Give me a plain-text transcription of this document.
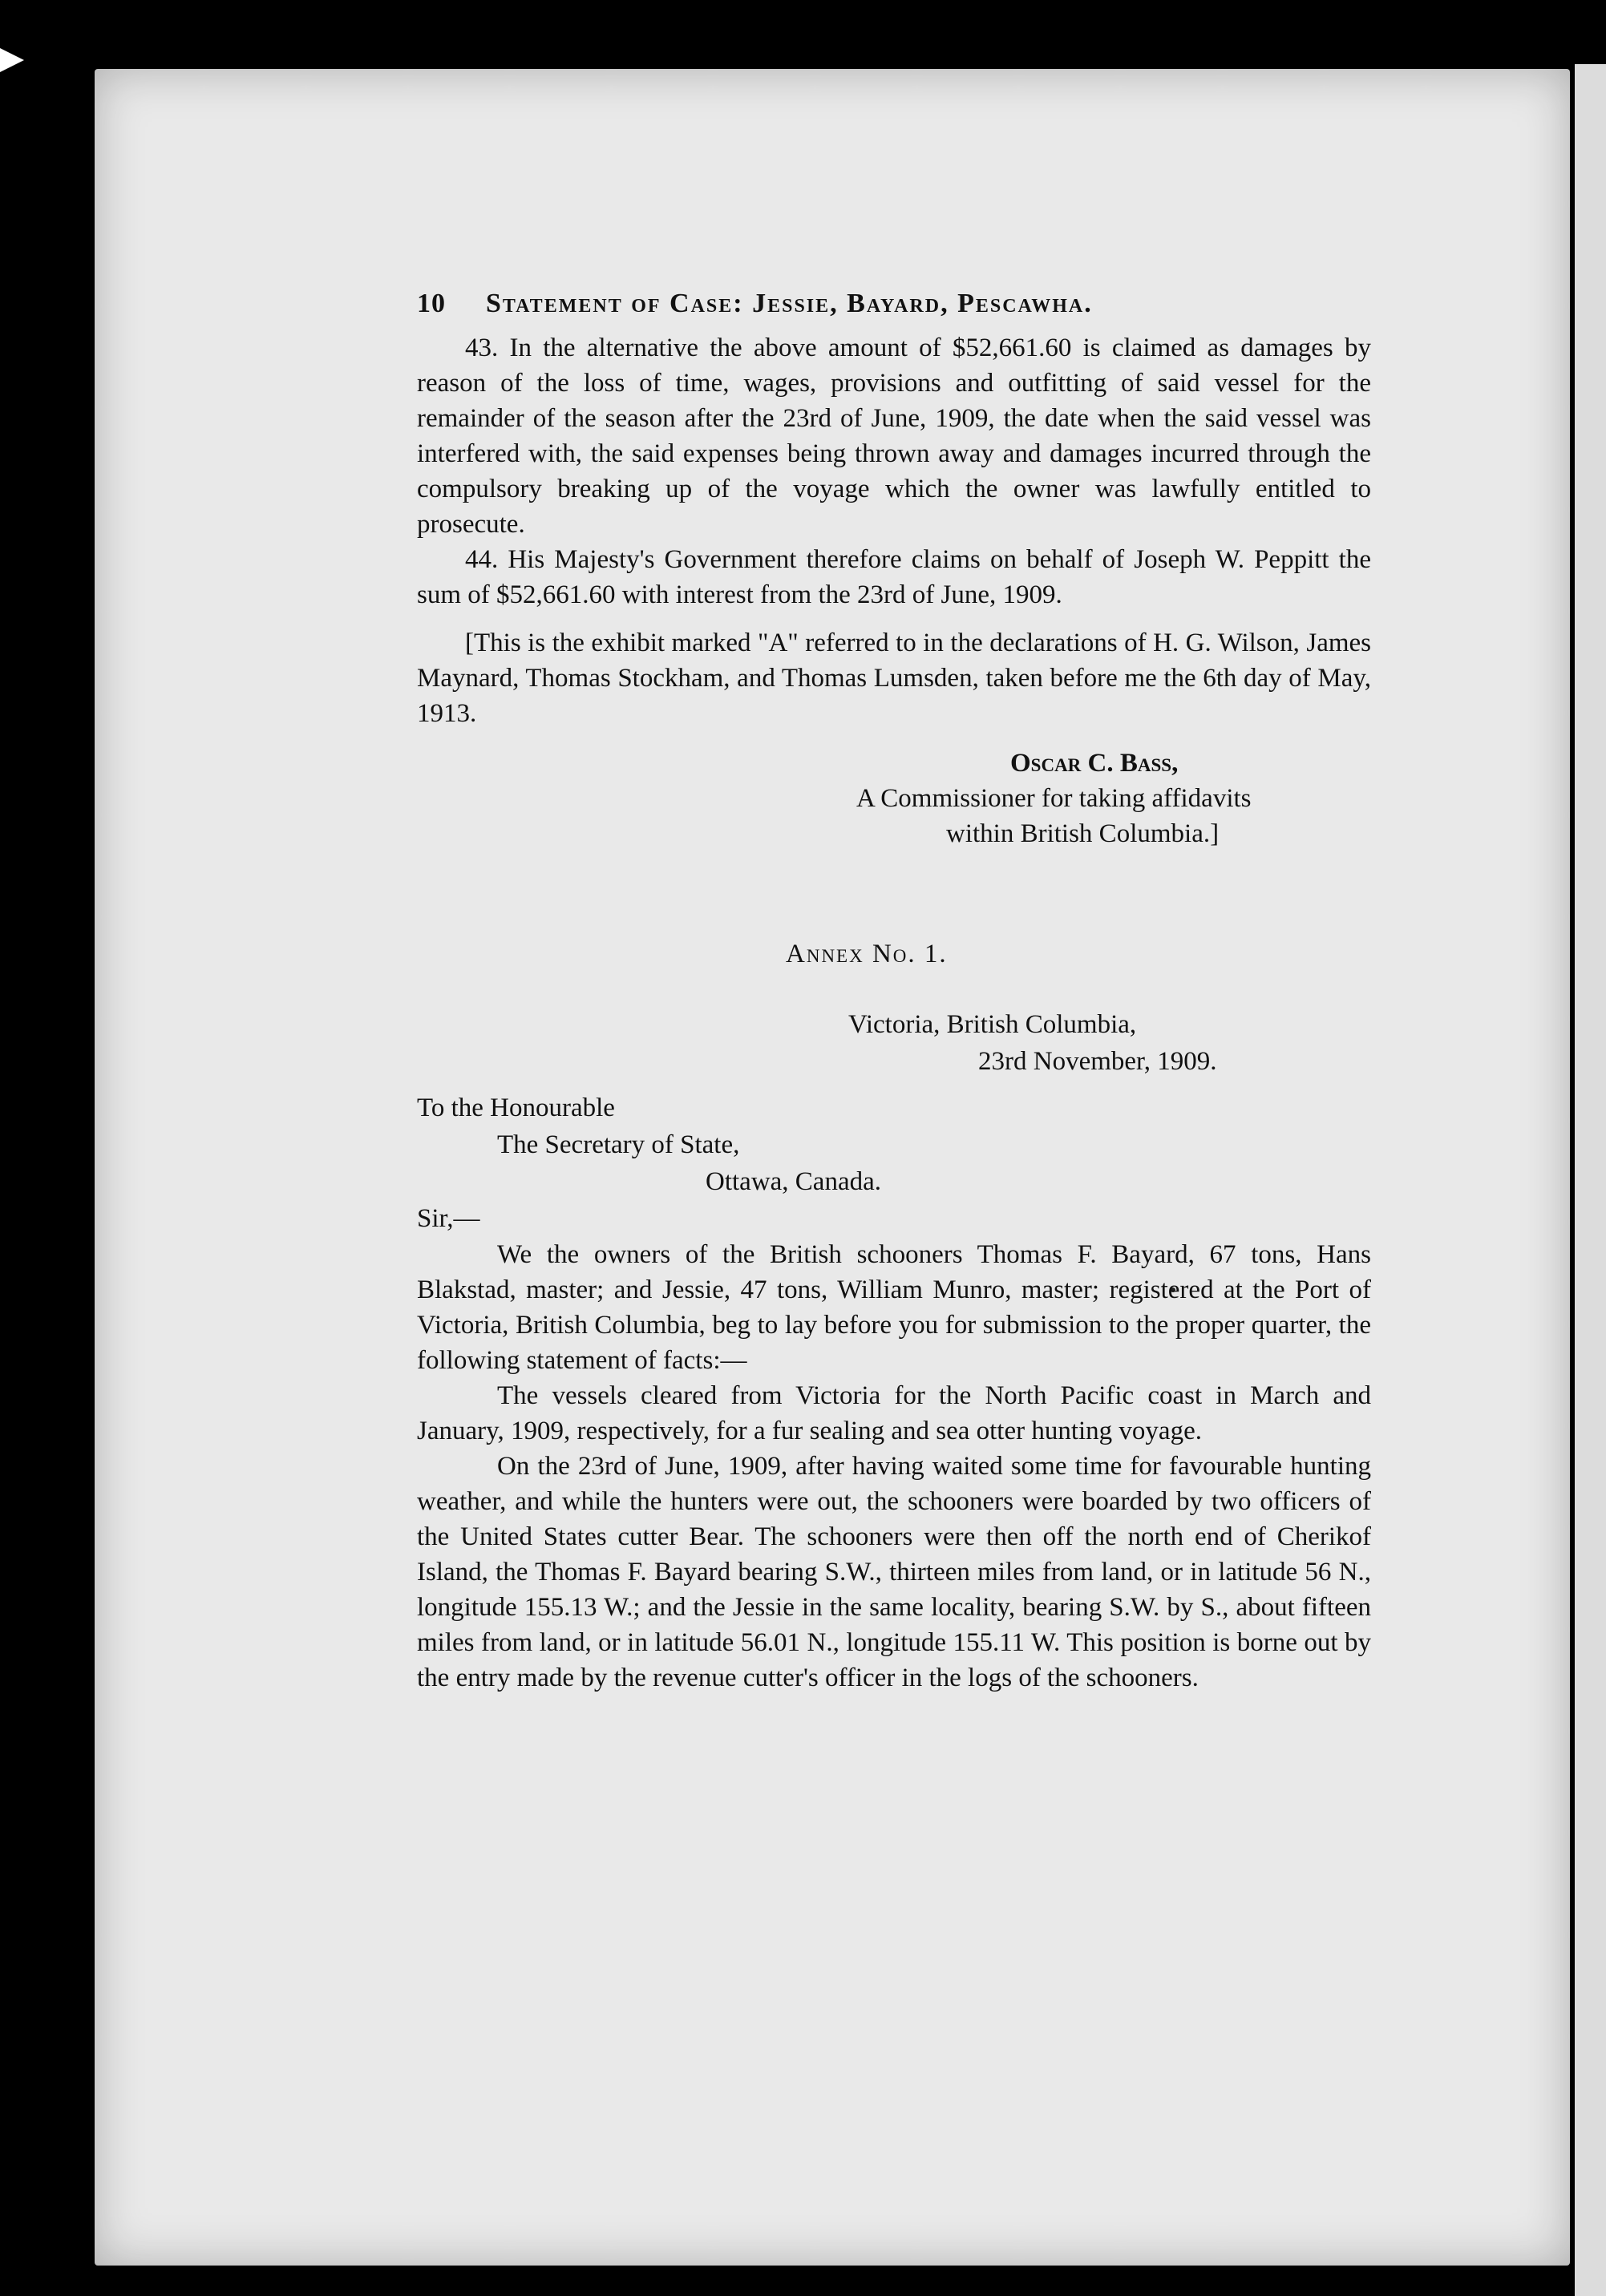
10 Statement of Case: Jessie, Bayard, Pescawha.

43. In the alternative the above amount of $52,661.60 is claimed as damages by reason of the loss of time, wages, provisions and outfitting of said vessel for the remainder of the season after the 23rd of June, 1909, the date when the said vessel was interfered with, the said expenses being thrown away and damages incurred through the compulsory breaking up of the voyage which the owner was lawfully entitled to prosecute.

44. His Majesty's Government therefore claims on behalf of Joseph W. Peppitt the sum of $52,661.60 with interest from the 23rd of June, 1909.

[This is the exhibit marked "A" referred to in the declarations of H. G. Wilson, James Maynard, Thomas Stockham, and Thomas Lumsden, taken before me the 6th day of May, 1913.

Oscar C. Bass,
A Commissioner for taking affidavits
within British Columbia.]
Annex No. 1.
Victoria, British Columbia,
23rd November, 1909.
To the Honourable
The Secretary of State,
Ottawa, Canada.
Sir,—

We the owners of the British schooners Thomas F. Bayard, 67 tons, Hans Blakstad, master; and Jessie, 47 tons, William Munro, master; registered at the Port of Victoria, British Columbia, beg to lay before you for submission to the proper quarter, the following statement of facts:—

The vessels cleared from Victoria for the North Pacific coast in March and January, 1909, respectively, for a fur sealing and sea otter hunting voyage.

On the 23rd of June, 1909, after having waited some time for favourable hunting weather, and while the hunters were out, the schooners were boarded by two officers of the United States cutter Bear. The schooners were then off the north end of Cherikof Island, the Thomas F. Bayard bearing S.W., thirteen miles from land, or in latitude 56 N., longitude 155.13 W.; and the Jessie in the same locality, bearing S.W. by S., about fifteen miles from land, or in latitude 56.01 N., longitude 155.11 W. This position is borne out by the entry made by the revenue cutter's officer in the logs of the schooners.
